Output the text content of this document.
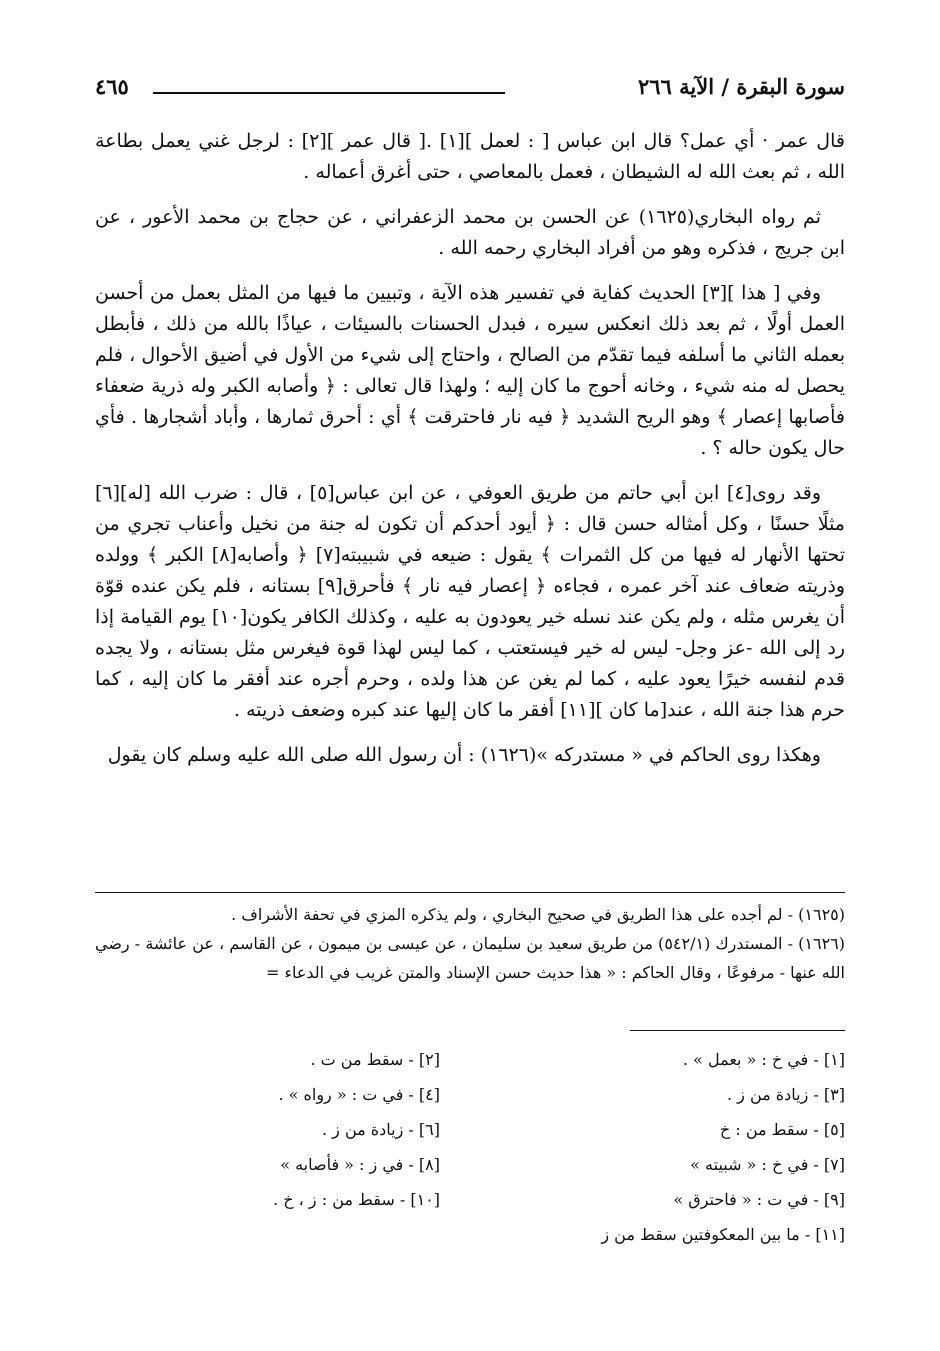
سورة البقرة / الآية ٢٦٦
٤٦٥

قال عمر · أي عمل؟ قال ابن عباس [ : لعمل ][١] .[ قال عمر ][٢] : لرجل غني يعمل بطاعة الله ، ثم بعث الله له الشيطان ، فعمل بالمعاصي ، حتى أغرق أعماله .

ثم رواه البخاري(١٦٢٥) عن الحسن بن محمد الزعفراني ، عن حجاج بن محمد الأعور ، عن ابن جريج ، فذكره وهو من أفراد البخاري رحمه الله .

وفي [ هذا ][٣] الحديث كفاية في تفسير هذه الآية ، وتبيين ما فيها من المثل بعمل من أحسن العمل أولًا ، ثم بعد ذلك انعكس سيره ، فبدل الحسنات بالسيئات ، عياذًا بالله من ذلك ، فأبطل بعمله الثاني ما أسلفه فيما تقدّم من الصالح ، واحتاج إلى شيء من الأول في أضيق الأحوال ، فلم يحصل له منه شيء ، وخانه أحوج ما كان إليه ؛ ولهذا قال تعالى : ﴿ وأصابه الكبر وله ذرية ضعفاء فأصابها إعصار ﴾ وهو الريح الشديد ﴿ فيه نار فاحترقت ﴾ أي : أحرق ثمارها ، وأباد أشجارها . فأي حال يكون حاله ؟ .

وقد روى[٤] ابن أبي حاتم من طريق العوفي ، عن ابن عباس[٥] ، قال : ضرب الله [له][٦] مثلًا حسنًا ، وكل أمثاله حسن قال : ﴿ أيود أحدكم أن تكون له جنة من نخيل وأعناب تجري من تحتها الأنهار له فيها من كل الثمرات ﴾ يقول : ضيعه في شبيبته[٧] ﴿ وأصابه[٨] الكبر ﴾ وولده وذريته ضعاف عند آخر عمره ، فجاءه ﴿ إعصار فيه نار ﴾ فأحرق[٩] بستانه ، فلم يكن عنده قوّة أن يغرس مثله ، ولم يكن عند نسله خير يعودون به عليه ، وكذلك الكافر يكون[١٠] يوم القيامة إذا رد إلى الله -عز وجل- ليس له خير فيستعتب ، كما ليس لهذا قوة فيغرس مثل بستانه ، ولا يجده قدم لنفسه خيرًا يعود عليه ، كما لم يغن عن هذا ولده ، وحرم أجره عند أفقر ما كان إليه ، كما حرم هذا جنة الله ، عند[ما كان ][١١] أفقر ما كان إليها عند كبره وضعف ذريته .

وهكذا روى الحاكم في « مستدركه »(١٦٢٦) : أن رسول الله صلى الله عليه وسلم كان يقول

(١٦٢٥) - لم أجده على هذا الطريق في صحيح البخاري ، ولم يذكره المزي في تحفة الأشراف .

(١٦٢٦) - المستدرك (٥٤٢/١) من طريق سعيد بن سليمان ، عن عيسى بن ميمون ، عن القاسم ، عن عائشة - رضي الله عنها - مرفوعًا ، وقال الحاكم : « هذا حديث حسن الإسناد والمتن غريب في الدعاء =

[١] - في خ : « بعمل » .
[٢] - سقط من ت .
[٣] - زيادة من ز .
[٤] - في ت : « رواه » .
[٥] - سقط من : خ
[٦] - زيادة من ز .
[٧] - في خ : « شبيته »
[٨] - في ز : « فأصابه »
[٩] - في ت : « فاحترق »
[١٠] - سقط من : ز ، خ .
[١١] - ما بين المعكوفتين سقط من ز
